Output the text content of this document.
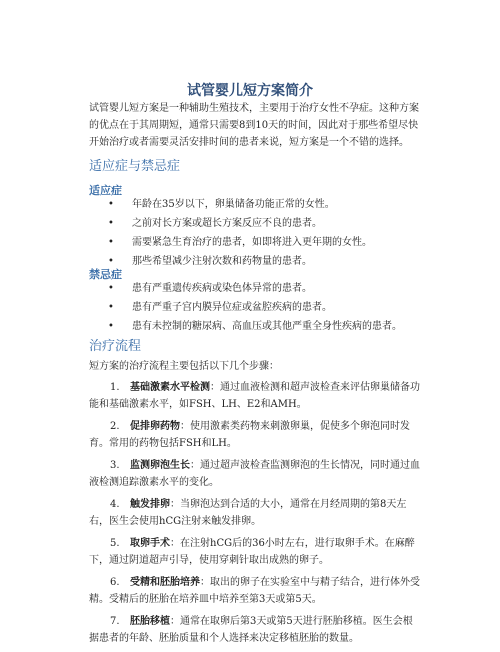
试管婴儿短方案简介

试管婴儿短方案是一种辅助生殖技术，主要用于治疗女性不孕症。这种方案的优点在于其周期短，通常只需要8到10天的时间，因此对于那些希望尽快开始治疗或者需要灵活安排时间的患者来说，短方案是一个不错的选择。

适应症与禁忌症
适应症
• 年龄在35岁以下，卵巢储备功能正常的女性。
• 之前对长方案或超长方案反应不良的患者。
• 需要紧急生育治疗的患者，如即将进入更年期的女性。
• 那些希望减少注射次数和药物量的患者。
禁忌症
• 患有严重遗传疾病或染色体异常的患者。
• 患有严重子宫内膜异位症或盆腔疾病的患者。
• 患有未控制的糖尿病、高血压或其他严重全身性疾病的患者。
治疗流程

短方案的治疗流程主要包括以下几个步骤：

1. 基础激素水平检测：通过血液检测和超声波检查来评估卵巢储备功能和基础激素水平，如FSH、LH、E2和AMH。
2. 促排卵药物：使用激素类药物来刺激卵巢，促使多个卵泡同时发育。常用的药物包括FSH和LH。
3. 监测卵泡生长：通过超声波检查监测卵泡的生长情况，同时通过血液检测追踪激素水平的变化。
4. 触发排卵：当卵泡达到合适的大小，通常在月经周期的第8天左右，医生会使用hCG注射来触发排卵。
5. 取卵手术：在注射hCG后的36小时左右，进行取卵手术。在麻醉下，通过阴道超声引导，使用穿刺针取出成熟的卵子。
6. 受精和胚胎培养：取出的卵子在实验室中与精子结合，进行体外受精。受精后的胚胎在培养皿中培养至第3天或第5天。
7. 胚胎移植：通常在取卵后第3天或第5天进行胚胎移植。医生会根据患者的年龄、胚胎质量和个人选择来决定移植胚胎的数量。
